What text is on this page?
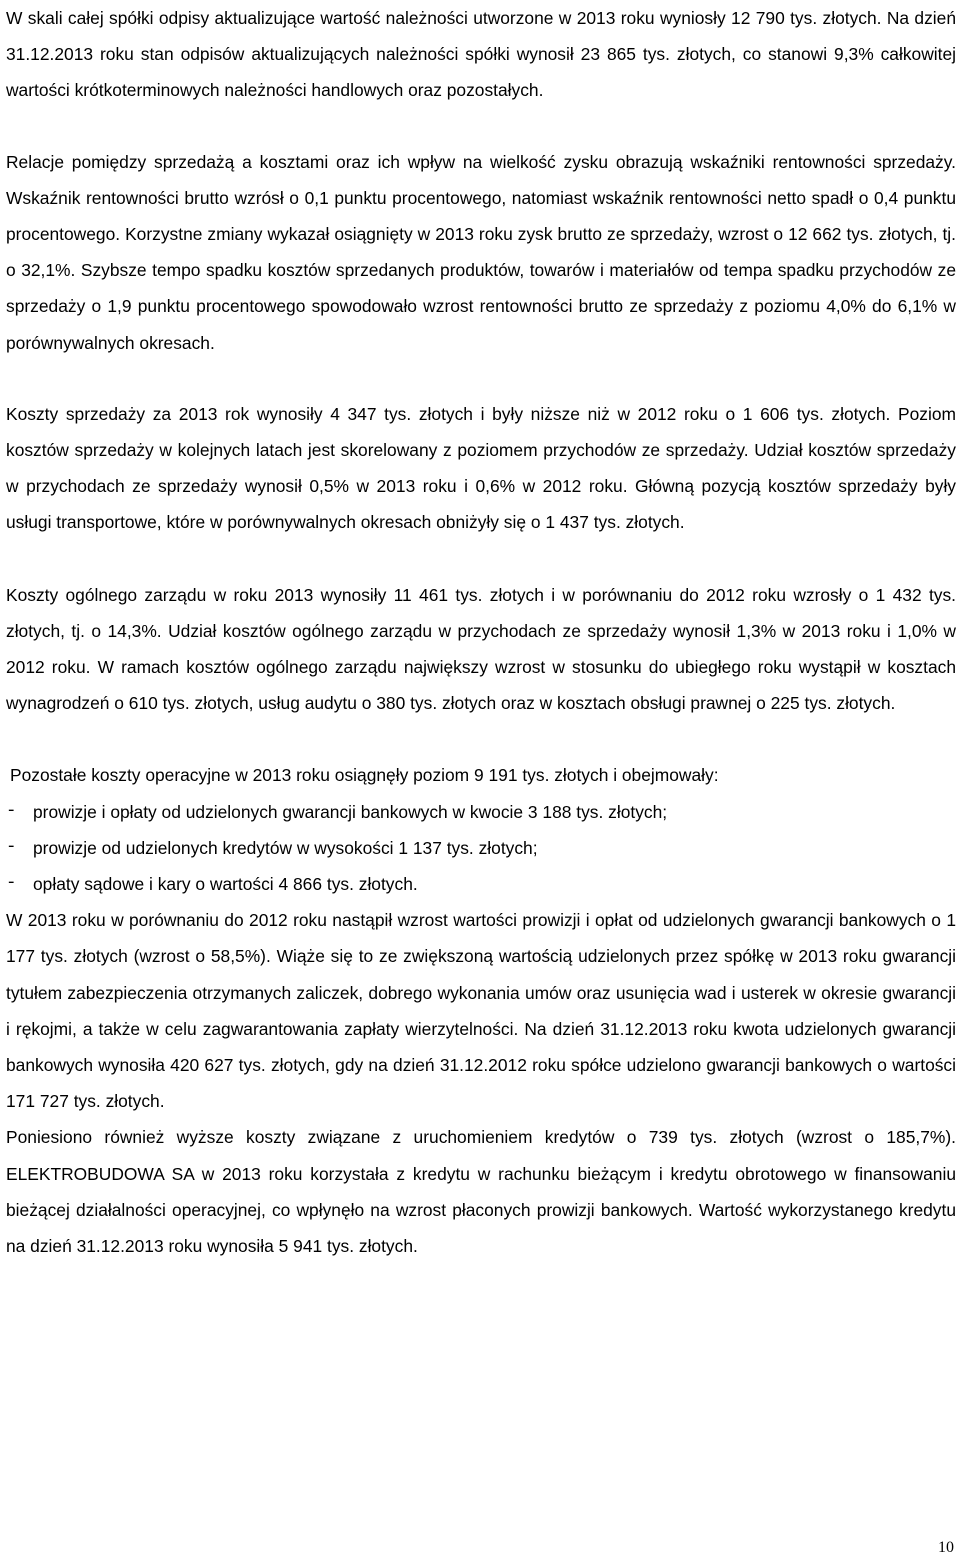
W skali całej spółki odpisy aktualizujące wartość należności utworzone w 2013 roku wyniosły 12 790 tys. złotych. Na dzień 31.12.2013 roku stan odpisów aktualizujących należności spółki wynosił 23 865 tys. złotych, co stanowi 9,3% całkowitej wartości krótkoterminowych należności handlowych oraz pozostałych.

Relacje pomiędzy sprzedażą a kosztami oraz ich wpływ na wielkość zysku obrazują wskaźniki rentowności sprzedaży. Wskaźnik rentowności brutto wzrósł o 0,1 punktu procentowego, natomiast wskaźnik rentowności netto spadł o 0,4 punktu procentowego. Korzystne zmiany wykazał osiągnięty w 2013 roku zysk brutto ze sprzedaży, wzrost o 12 662 tys. złotych, tj. o 32,1%. Szybsze tempo spadku kosztów sprzedanych produktów, towarów i materiałów od tempa spadku przychodów ze sprzedaży o 1,9 punktu procentowego spowodowało wzrost rentowności brutto ze sprzedaży z poziomu 4,0% do 6,1% w porównywalnych okresach.

Koszty sprzedaży za 2013 rok wynosiły 4 347 tys. złotych i były niższe niż w 2012 roku o 1 606 tys. złotych. Poziom kosztów sprzedaży w kolejnych latach jest skorelowany z poziomem przychodów ze sprzedaży. Udział kosztów sprzedaży w przychodach ze sprzedaży wynosił 0,5% w 2013 roku i 0,6% w 2012 roku. Główną pozycją kosztów sprzedaży były usługi transportowe, które w porównywalnych okresach obniżyły się o 1 437 tys. złotych.

Koszty ogólnego zarządu w roku 2013 wynosiły 11 461 tys. złotych i w porównaniu do 2012 roku wzrosły o 1 432 tys. złotych, tj. o 14,3%. Udział kosztów ogólnego zarządu w przychodach ze sprzedaży wynosił 1,3% w 2013 roku i 1,0% w 2012 roku. W ramach kosztów ogólnego zarządu największy wzrost w stosunku do ubiegłego roku wystąpił w kosztach wynagrodzeń o 610 tys. złotych, usług audytu o 380 tys. złotych oraz w kosztach obsługi prawnej o 225 tys. złotych.

Pozostałe koszty operacyjne w 2013 roku osiągnęły poziom 9 191 tys. złotych i obejmowały:

- prowizje i opłaty od udzielonych gwarancji bankowych w kwocie 3 188 tys. złotych;
- prowizje od udzielonych kredytów w wysokości 1 137 tys. złotych;
- opłaty sądowe i kary o wartości 4 866 tys. złotych.

W 2013 roku w porównaniu do 2012 roku nastąpił wzrost wartości prowizji i opłat od udzielonych gwarancji bankowych o 1 177 tys. złotych (wzrost o 58,5%). Wiąże się to ze zwiększoną wartością udzielonych przez spółkę w 2013 roku gwarancji tytułem zabezpieczenia otrzymanych zaliczek, dobrego wykonania umów oraz usunięcia wad i usterek w okresie gwarancji i rękojmi, a także w celu zagwarantowania zapłaty wierzytelności. Na dzień 31.12.2013 roku kwota udzielonych gwarancji bankowych wynosiła 420 627 tys. złotych, gdy na dzień 31.12.2012 roku spółce udzielono gwarancji bankowych o wartości 171 727 tys. złotych.

Poniesiono również wyższe koszty związane z uruchomieniem kredytów o 739 tys. złotych (wzrost o 185,7%). ELEKTROBUDOWA SA w 2013 roku korzystała z kredytu w rachunku bieżącym i kredytu obrotowego w finansowaniu bieżącej działalności operacyjnej, co wpłynęło na wzrost płaconych prowizji bankowych. Wartość wykorzystanego kredytu na dzień 31.12.2013 roku wynosiła 5 941 tys. złotych.

10
